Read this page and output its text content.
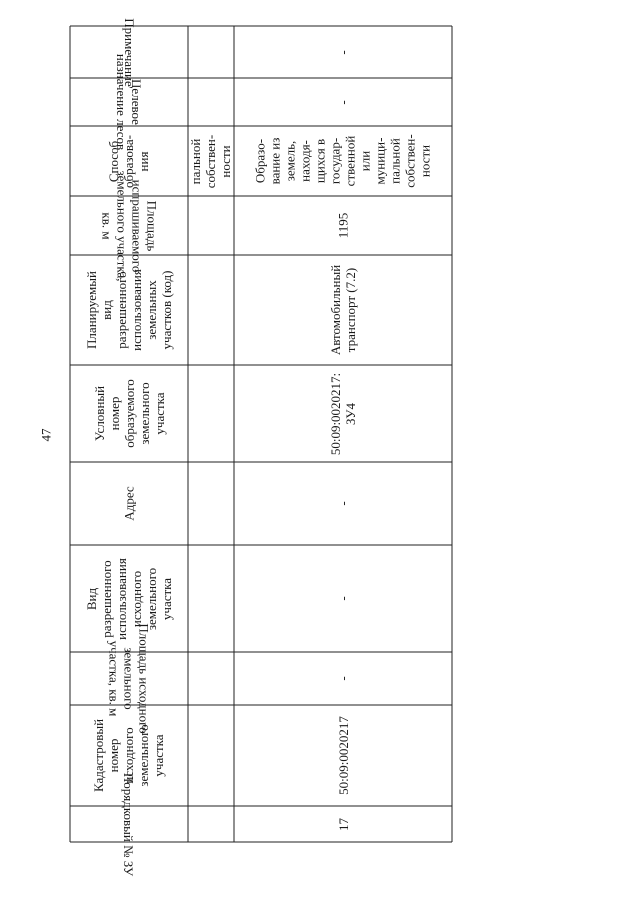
47
Примечание
Целевое
назначение лесов
Способ
образова-
ния
Площадь
испрашиваемого
земельного участка,
кв. м
Планируемый
вид
разрешенного
использования
земельных
участков (код)
Условный
номер
образуемого
земельного
участка
Адрес
Вид
разрешенного
использования
исходного
земельного
участка
Площадь исходного
земельного
участка, кв. м
Кадастровый
номер
исходного
земельного
участка
Порядковый № ЗУ
пальной
собствен-
ности
-
-
Образо-
вание из
земель,
находя-
щихся в
государ-
ственной
или
муници-
пальной
собствен-
ности
1195
Автомобильный
транспорт (7.2)
50:09:0020217:
ЗУ4
-
-
-
50:09:0020217
17
